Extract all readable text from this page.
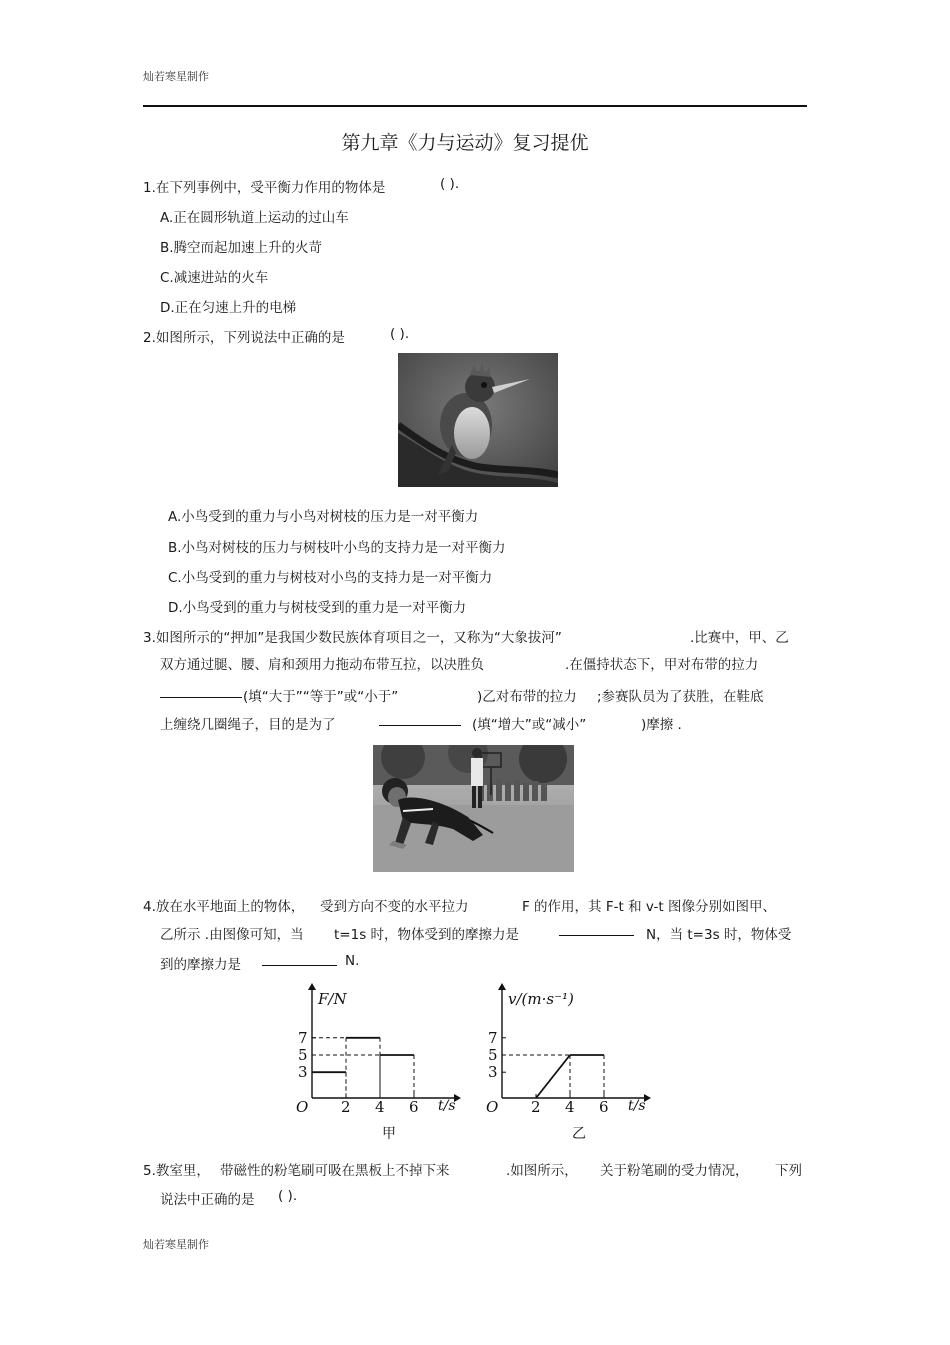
灿若寒星制作
第九章《力与运动》复习提优
1.在下列事例中，受平衡力作用的物体是	( ).
A.正在圆形轨道上运动的过山车
B.腾空而起加速上升的火苛
C.减速进站的火车
D.正在匀速上升的电梯
2.如图所示，下列说法中正确的是	( ).
A.小鸟受到的重力与小鸟对树枝的压力是一对平衡力
B.小鸟对树枝的压力与树枝叶小鸟的支持力是一对平衡力
C.小鸟受到的重力与树枝对小鸟的支持力是一对平衡力
D.小鸟受到的重力与树枝受到的重力是一对平衡力
3.如图所示的“押加”是我国少数民族体育项目之一，又称为“大象拔河”	.比赛中，甲、乙
双方通过腿、腰、肩和颈用力拖动布带互拉，以决胜负	.在僵持状态下，甲对布带的拉力
(填“大于”“等于”或“小于”	)乙对布带的拉力 ;参赛队员为了获胜，在鞋底
上缠绕几圈绳子，目的是为了	(填“增大”或“减小”	)摩擦 .
4.放在水平地面上的物体， 受到方向不变的水平拉力	F 的作用，其 F-t 和 v-t 图像分别如图甲、
乙所示 .由图像可知，当 t=1s 时，物体受到的摩擦力是	N，当 t=3s 时，物体受
到的摩擦力是	N.
F/N
t/s
O
甲
2 4 6
3
5
7
v/(m·s⁻¹)
t/s
O
乙
2 4 6
3
5
7
5.教室里， 带磁性的粉笔刷可吸在黑板上不掉下来	.如图所示， 关于粉笔刷的受力情况， 下列
说法中正确的是 ( ).
灿若寒星制作
